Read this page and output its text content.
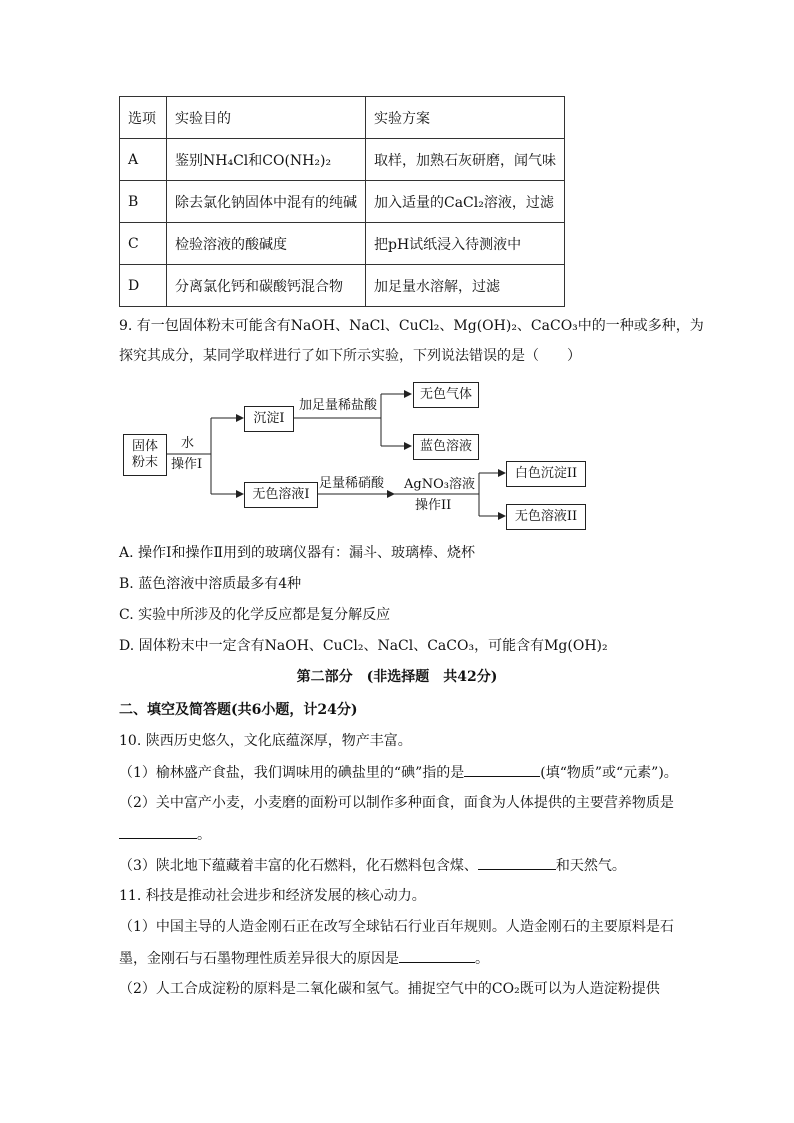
选项	实验目的	实验方案
A	鉴别NH₄Cl和CO(NH₂)₂	取样，加熟石灰研磨，闻气味
B	除去氯化钠固体中混有的纯碱	加入适量的CaCl₂溶液，过滤
C	检验溶液的酸碱度	把pH试纸浸入待测液中
D	分离氯化钙和碳酸钙混合物	加足量水溶解，过滤
9. 有一包固体粉末可能含有NaOH、NaCl、CuCl₂、Mg(OH)₂、CaCO₃中的一种或多种，为
探究其成分，某同学取样进行了如下所示实验，下列说法错误的是（　　）
固体
粉末
水
操作I
沉淀I
加足量稀盐酸
无色气体
蓝色溶液
无色溶液I
足量稀硝酸 AgNO₃溶液
操作II
白色沉淀II
无色溶液II
A. 操作Ⅰ和操作Ⅱ用到的玻璃仪器有：漏斗、玻璃棒、烧杯
B. 蓝色溶液中溶质最多有4种
C. 实验中所涉及的化学反应都是复分解反应
D. 固体粉末中一定含有NaOH、CuCl₂、NaCl、CaCO₃，可能含有Mg(OH)₂
第二部分　(非选择题　共42分)
二、填空及简答题(共6小题，计24分)
10. 陕西历史悠久，文化底蕴深厚，物产丰富。
（1）榆林盛产食盐，我们调味用的碘盐里的“碘”指的是	(填“物质”或“元素”)。
（2）关中富产小麦，小麦磨的面粉可以制作多种面食，面食为人体提供的主要营养物质是
。
（3）陕北地下蕴藏着丰富的化石燃料，化石燃料包含煤、	和天然气。
11. 科技是推动社会进步和经济发展的核心动力。
（1）中国主导的人造金刚石正在改写全球钻石行业百年规则。人造金刚石的主要原料是石
墨，金刚石与石墨物理性质差异很大的原因是	。
（2）人工合成淀粉的原料是二氧化碳和氢气。捕捉空气中的CO₂既可以为人造淀粉提供
